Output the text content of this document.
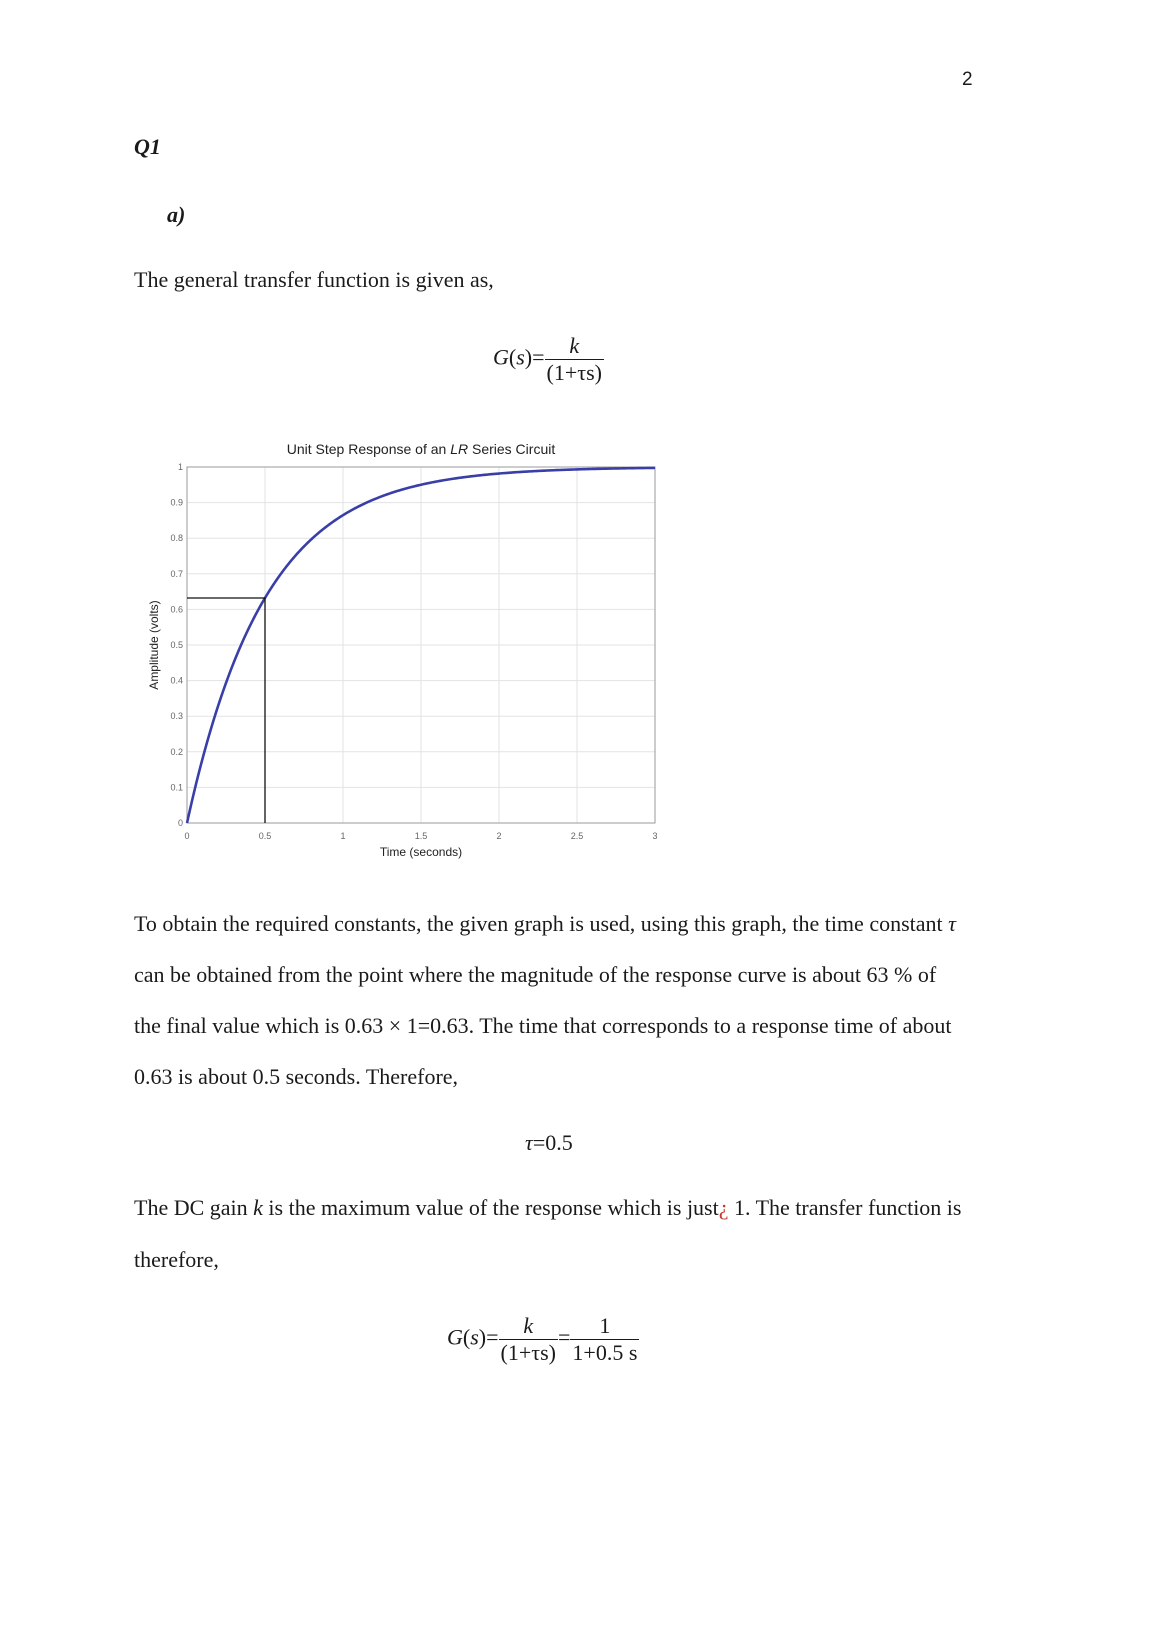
2
Q1
a)
The general transfer function is given as,
$G(s)= \frac{k}{(1+\tau s)}$
0	0.5	1	1.5	2	2.5	3
0
0.1
0.2
0.3
0.4
0.5
0.6
0.7
0.8
0.9
1
Unit Step Response of an LR Series Circuit
Time (seconds)
Amplitude (volts)
To obtain the required constants, the given graph is used, using this graph, the time constant τ
can be obtained from the point where the magnitude of the response curve is about 63 % of
the final value which is 0.63 × 1=0.63. The time that corresponds to a response time of about
0.63 is about 0.5 seconds. Therefore,
τ=0.5
The DC gain k is the maximum value of the response which is just¿ 1. The transfer function is
therefore,
$G(s)= \frac{k}{(1+\tau s)} = \frac{1}{1+0.5 s}$
